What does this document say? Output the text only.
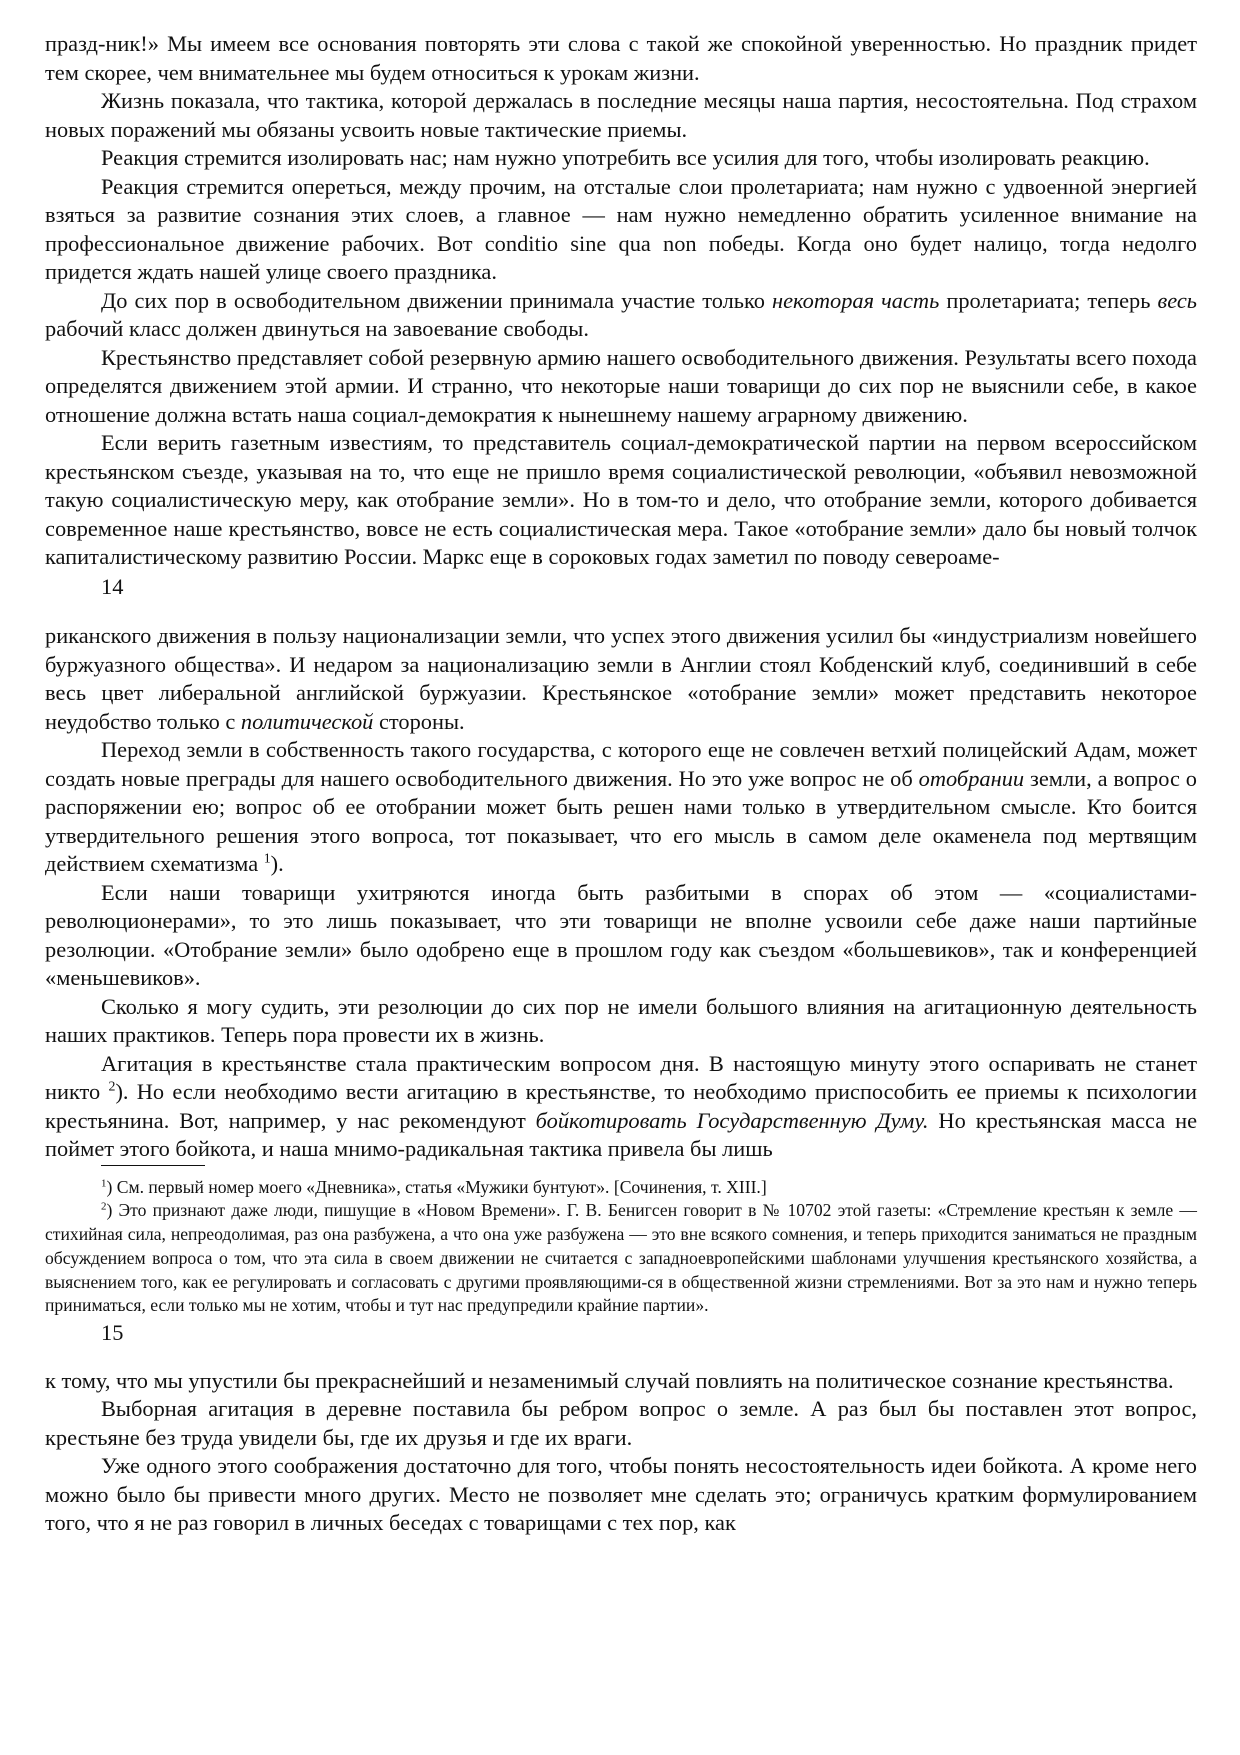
празд-ник!» Мы имеем все основания повторять эти слова с такой же спокойной уверенностью. Но праздник придет тем скорее, чем внимательнее мы будем относиться к урокам жизни.

Жизнь показала, что тактика, которой держалась в последние месяцы наша партия, несостоятельна. Под страхом новых поражений мы обязаны усвоить новые тактические приемы.

Реакция стремится изолировать нас; нам нужно употребить все усилия для того, чтобы изолировать реакцию.

Реакция стремится опереться, между прочим, на отсталые слои пролетариата; нам нужно с удвоенной энергией взяться за развитие сознания этих слоев, а главное — нам нужно немедленно обратить усиленное внимание на профессиональное движение рабочих. Вот conditio sine qua non победы. Когда оно будет налицо, тогда недолго придется ждать нашей улице своего праздника.

До сих пор в освободительном движении принимала участие только некоторая часть пролетариата; теперь весь рабочий класс должен двинуться на завоевание свободы.

Крестьянство представляет собой резервную армию нашего освободительного движения. Результаты всего похода определятся движением этой армии. И странно, что некоторые наши товарищи до сих пор не выяснили себе, в какое отношение должна встать наша социал-демократия к нынешнему нашему аграрному движению.

Если верить газетным известиям, то представитель социал-демократической партии на первом всероссийском крестьянском съезде, указывая на то, что еще не пришло время социалистической революции, «объявил невозможной такую социалистическую меру, как отобрание земли». Но в том-то и дело, что отобрание земли, которого добивается современное наше крестьянство, вовсе не есть социалистическая мера. Такое «отобрание земли» дало бы новый толчок капиталистическому развитию России. Маркс еще в сороковых годах заметил по поводу североаме-

14

риканского движения в пользу национализации земли, что успех этого движения усилил бы «индустриализм новейшего буржуазного общества». И недаром за национализацию земли в Англии стоял Кобденский клуб, соединивший в себе весь цвет либеральной английской буржуазии. Крестьянское «отобрание земли» может представить некоторое неудобство только с политической стороны.

Переход земли в собственность такого государства, с которого еще не совлечен ветхий полицейский Адам, может создать новые преграды для нашего освободительного движения. Но это уже вопрос не об отобрании земли, а вопрос о распоряжении ею; вопрос об ее отобрании может быть решен нами только в утвердительном смысле. Кто боится утвердительного решения этого вопроса, тот показывает, что его мысль в самом деле окаменела под мертвящим действием схематизма $^1$).

Если наши товарищи ухитряются иногда быть разбитыми в спорах об этом — «социалистами-революционерами», то это лишь показывает, что эти товарищи не вполне усвоили себе даже наши партийные резолюции. «Отобрание земли» было одобрено еще в прошлом году как съездом «большевиков», так и конференцией «меньшевиков».

Сколько я могу судить, эти резолюции до сих пор не имели большого влияния на агитационную деятельность наших практиков. Теперь пора провести их в жизнь.

Агитация в крестьянстве стала практическим вопросом дня. В настоящую минуту этого оспаривать не станет никто $^2$). Но если необходимо вести агитацию в крестьянстве, то необходимо приспособить ее приемы к психологии крестьянина. Вот, например, у нас рекомендуют бойкотировать Государственную Думу. Но крестьянская масса не поймет этого бойкота, и наша мнимо-радикальная тактика привела бы лишь

$^1$) См. первый номер моего «Дневника», статья «Мужики бунтуют». [Сочинения, т. XIII.]

$^2$) Это признают даже люди, пишущие в «Новом Времени». Г. В. Бенигсен говорит в № 10702 этой газеты: «Стремление крестьян к земле — стихийная сила, непреодолимая, раз она разбужена, а что она уже разбужена — это вне всякого сомнения, и теперь приходится заниматься не праздным обсуждением вопроса о том, что эта сила в своем движении не считается с западноевропейскими шаблонами улучшения крестьянского хозяйства, а выяснением того, как ее регулировать и согласовать с другими проявляющими-ся в общественной жизни стремлениями. Вот за это нам и нужно теперь приниматься, если только мы не хотим, чтобы и тут нас предупредили крайние партии».

15

к тому, что мы упустили бы прекраснейший и незаменимый случай повлиять на политическое сознание крестьянства.

Выборная агитация в деревне поставила бы ребром вопрос о земле. А раз был бы поставлен этот вопрос, крестьяне без труда увидели бы, где их друзья и где их враги.

Уже одного этого соображения достаточно для того, чтобы понять несостоятельность идеи бойкота. А кроме него можно было бы привести много других. Место не позволяет мне сделать это; ограничусь кратким формулированием того, что я не раз говорил в личных беседах с товарищами с тех пор, как
